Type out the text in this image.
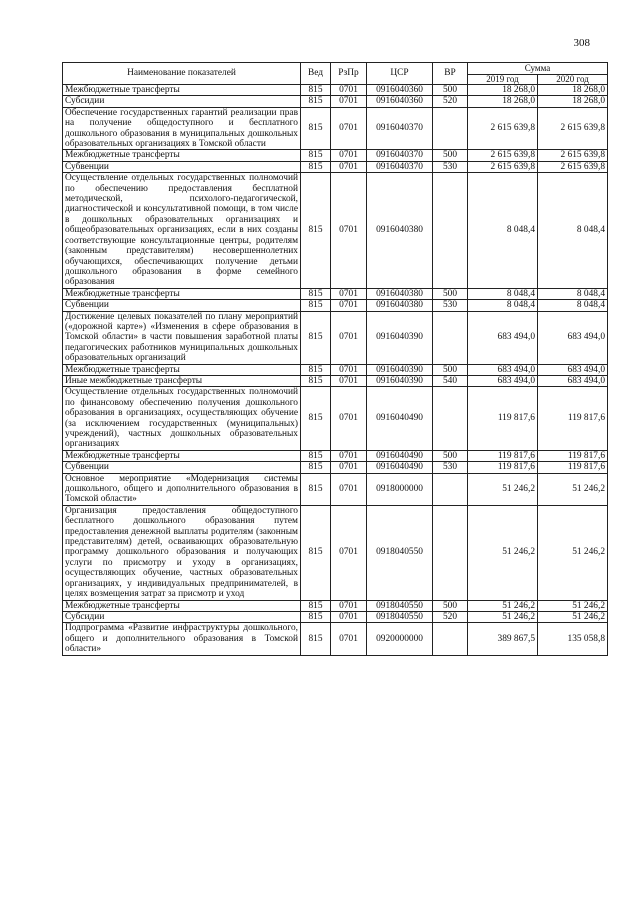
308
Наименование показателей	Вед	РзПр	ЦСР	ВР	Сумма	
					2019 год	2020 год
Межбюджетные трансферты	815	0701	0916040360	500	18 268,0	18 268,0
Субсидии	815	0701	0916040360	520	18 268,0	18 268,0
Обеспечение государственных гарантий реализации прав на получение общедоступного и бесплатного дошкольного образования в муниципальных дошкольных образовательных организациях в Томской области	815	0701	0916040370		2 615 639,8	2 615 639,8
Межбюджетные трансферты	815	0701	0916040370	500	2 615 639,8	2 615 639,8
Субвенции	815	0701	0916040370	530	2 615 639,8	2 615 639,8
Осуществление отдельных государственных полномочий по обеспечению предоставления бесплатной методической, психолого-педагогической, диагностической и консультативной помощи, в том числе в дошкольных образовательных организациях и общеобразовательных организациях, если в них созданы соответствующие консультационные центры, родителям (законным представителям) несовершеннолетних обучающихся, обеспечивающих получение детьми дошкольного образования в форме семейного образования	815	0701	0916040380		8 048,4	8 048,4
Межбюджетные трансферты	815	0701	0916040380	500	8 048,4	8 048,4
Субвенции	815	0701	0916040380	530	8 048,4	8 048,4
Достижение целевых показателей по плану мероприятий («дорожной карте») «Изменения в сфере образования в Томской области» в части повышения заработной платы педагогических работников муниципальных дошкольных образовательных организаций	815	0701	0916040390		683 494,0	683 494,0
Межбюджетные трансферты	815	0701	0916040390	500	683 494,0	683 494,0
Иные межбюджетные трансферты	815	0701	0916040390	540	683 494,0	683 494,0
Осуществление отдельных государственных полномочий по финансовому обеспечению получения дошкольного образования в организациях, осуществляющих обучение (за исключением государственных (муниципальных) учреждений), частных дошкольных образовательных организациях	815	0701	0916040490		119 817,6	119 817,6
Межбюджетные трансферты	815	0701	0916040490	500	119 817,6	119 817,6
Субвенции	815	0701	0916040490	530	119 817,6	119 817,6
Основное мероприятие «Модернизация системы дошкольного, общего и дополнительного образования в Томской области»	815	0701	0918000000		51 246,2	51 246,2
Организация предоставления общедоступного бесплатного дошкольного образования путем предоставления денежной выплаты родителям (законным представителям) детей, осваивающих образовательную программу дошкольного образования и получающих услуги по присмотру и уходу в организациях, осуществляющих обучение, частных образовательных организациях, у индивидуальных предпринимателей, в целях возмещения затрат за присмотр и уход	815	0701	0918040550		51 246,2	51 246,2
Межбюджетные трансферты	815	0701	0918040550	500	51 246,2	51 246,2
Субсидии	815	0701	0918040550	520	51 246,2	51 246,2
Подпрограмма «Развитие инфраструктуры дошкольного, общего и дополнительного образования в Томской области»	815	0701	0920000000		389 867,5	135 058,8
